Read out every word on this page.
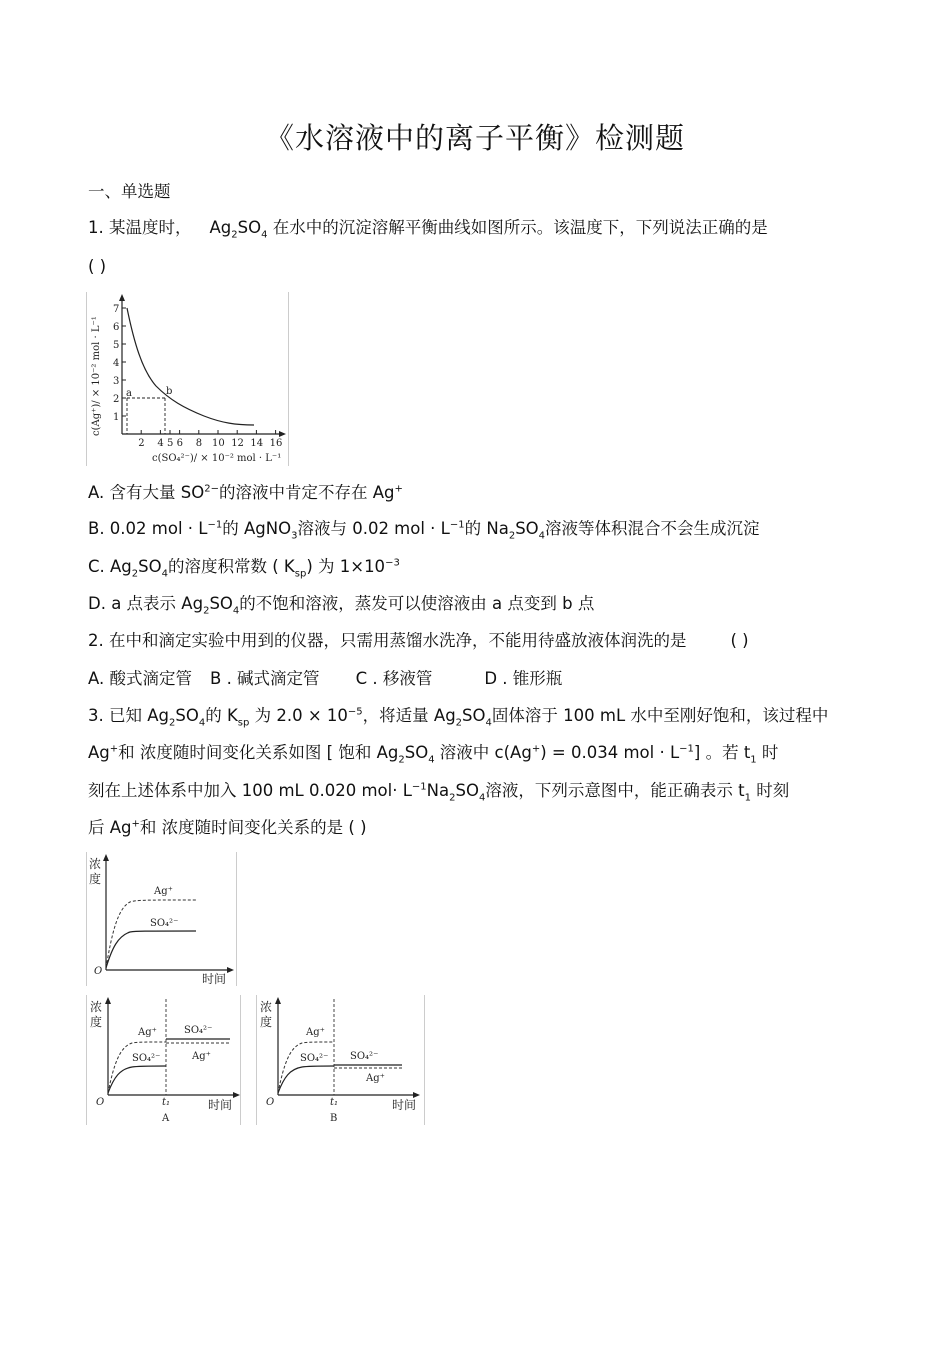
《水溶液中的离子平衡》检测题
一、单选题
1. 某温度时， $Ag_2SO_4$ 在水中的沉淀溶解平衡曲线如图所示。该温度下，下列说法正确的是
( )
1
2
3
4
5
6
7
2 4 5 6 8 10 12 14 16
a	b
c(Ag⁺)/ × 10⁻² mol · L⁻¹
c(SO₄²⁻)/ × 10⁻² mol · L⁻¹
A. 含有大量 $SO^{2-}$的溶液中肯定不存在 Ag+
B. 0.02 mol · $L^{-1}$的 AgNO$_3$溶液与 0.02 mol · $L^{-1}$的 $Na_2SO_4$溶液等体积混合不会生成沉淀
C. $Ag_2SO_4$的溶度积常数 ( $K_{sp}$) 为 $1\times 10^{-3}$
D. a 点表示 $Ag_2SO_4$的不饱和溶液，蒸发可以使溶液由 a 点变到 b 点
2. 在中和滴定实验中用到的仪器，只需用蒸馏水洗净，不能用待盛放液体润洗的是	( )
A. 酸式滴定管 B . 碱式滴定管 C . 移液管	D . 锥形瓶
3. 已知 $Ag_2SO_4$的 $K_{sp}$ 为 $2.0 \times 10^{-5}$，将适量 $Ag_2SO_4$固体溶于 100 mL 水中至刚好饱和，该过程中
Ag+和 浓度随时间变化关系如图 [ 饱和 $Ag_2SO_4$ 溶液中 c(Ag+) = 0.034 mol · $L^{-1}$] 。若 $t_1$ 时
刻在上述体系中加入 100 mL 0.020 $mol\cdot L^{-1}Na_2SO_4$溶液，下列示意图中，能正确表示 $t_1$ 时刻
后 Ag+和 浓度随时间变化关系的是 ( )
浓
度
O
时间
Ag⁺
SO₄²⁻
浓
度
O	t₁	时间
A
Ag⁺
SO₄²⁻
SO₄²⁻
Ag⁺
浓
度
O	t₁	时间
B
Ag⁺
SO₄²⁻ SO₄²⁻
Ag⁺
